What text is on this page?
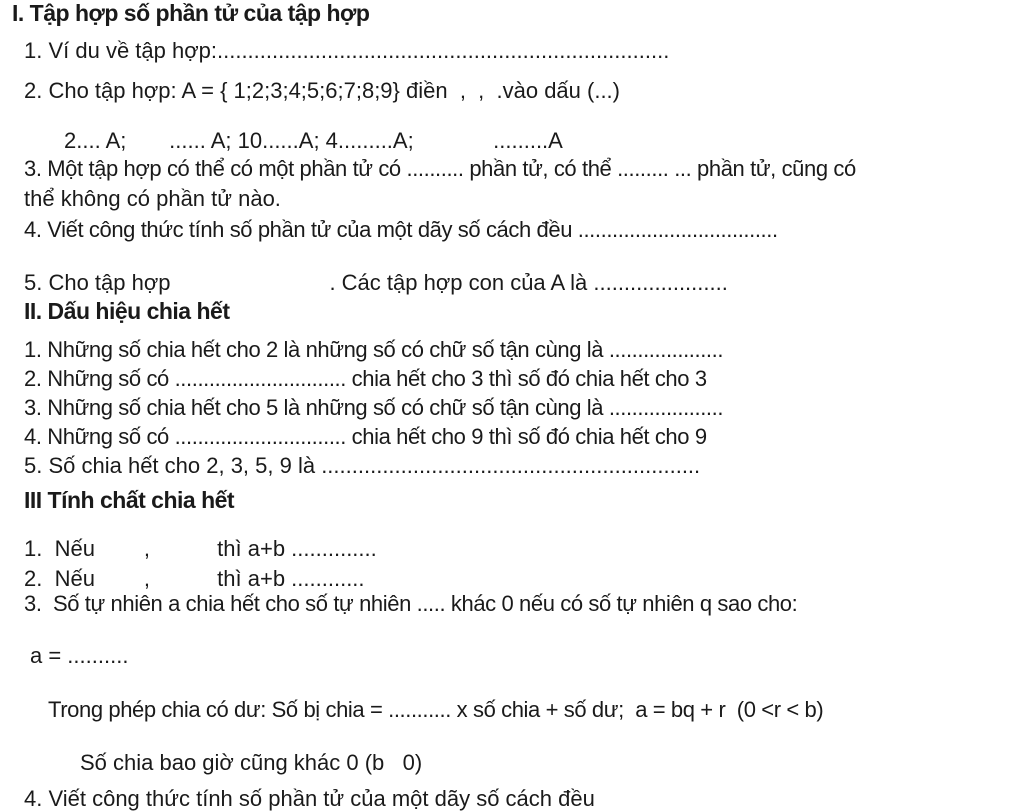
I. Tập hợp số phần tử của tập hợp
1. Ví du về tập hợp:..........................................................................
2. Cho tập hợp: A = { 1;2;3;4;5;6;7;8;9} điền  ,  ,  .vào dấu (...)
2.... A;       ...... A; 10......A; 4.........A;             .........A
3. Một tập hợp có thể có một phần tử có .......... phần tử, có thể ......... ... phần tử, cũng có
thể không có phần tử nào.
4. Viết công thức tính số phần tử của một dãy số cách đều ...................................
5. Cho tập hợp                          . Các tập hợp con của A là ......................
II. Dấu hiệu chia hết
1. Những số chia hết cho 2 là những số có chữ số tận cùng là ....................
2. Những số có .............................. chia hết cho 3 thì số đó chia hết cho 3
3. Những số chia hết cho 5 là những số có chữ số tận cùng là ....................
4. Những số có .............................. chia hết cho 9 thì số đó chia hết cho 9
5. Số chia hết cho 2, 3, 5, 9 là ..............................................................
III Tính chất chia hết
1.  Nếu        ,           thì a+b ..............
2.  Nếu        ,           thì a+b ............
3.  Số tự nhiên a chia hết cho số tự nhiên ..... khác 0 nếu có số tự nhiên q sao cho:
a = ..........
Trong phép chia có dư: Số bị chia = ........... x số chia + số dư;  a = bq + r  (0 <r < b)
Số chia bao giờ cũng khác 0 (b   0)
4. Viết công thức tính số phần tử của một dãy số cách đều
